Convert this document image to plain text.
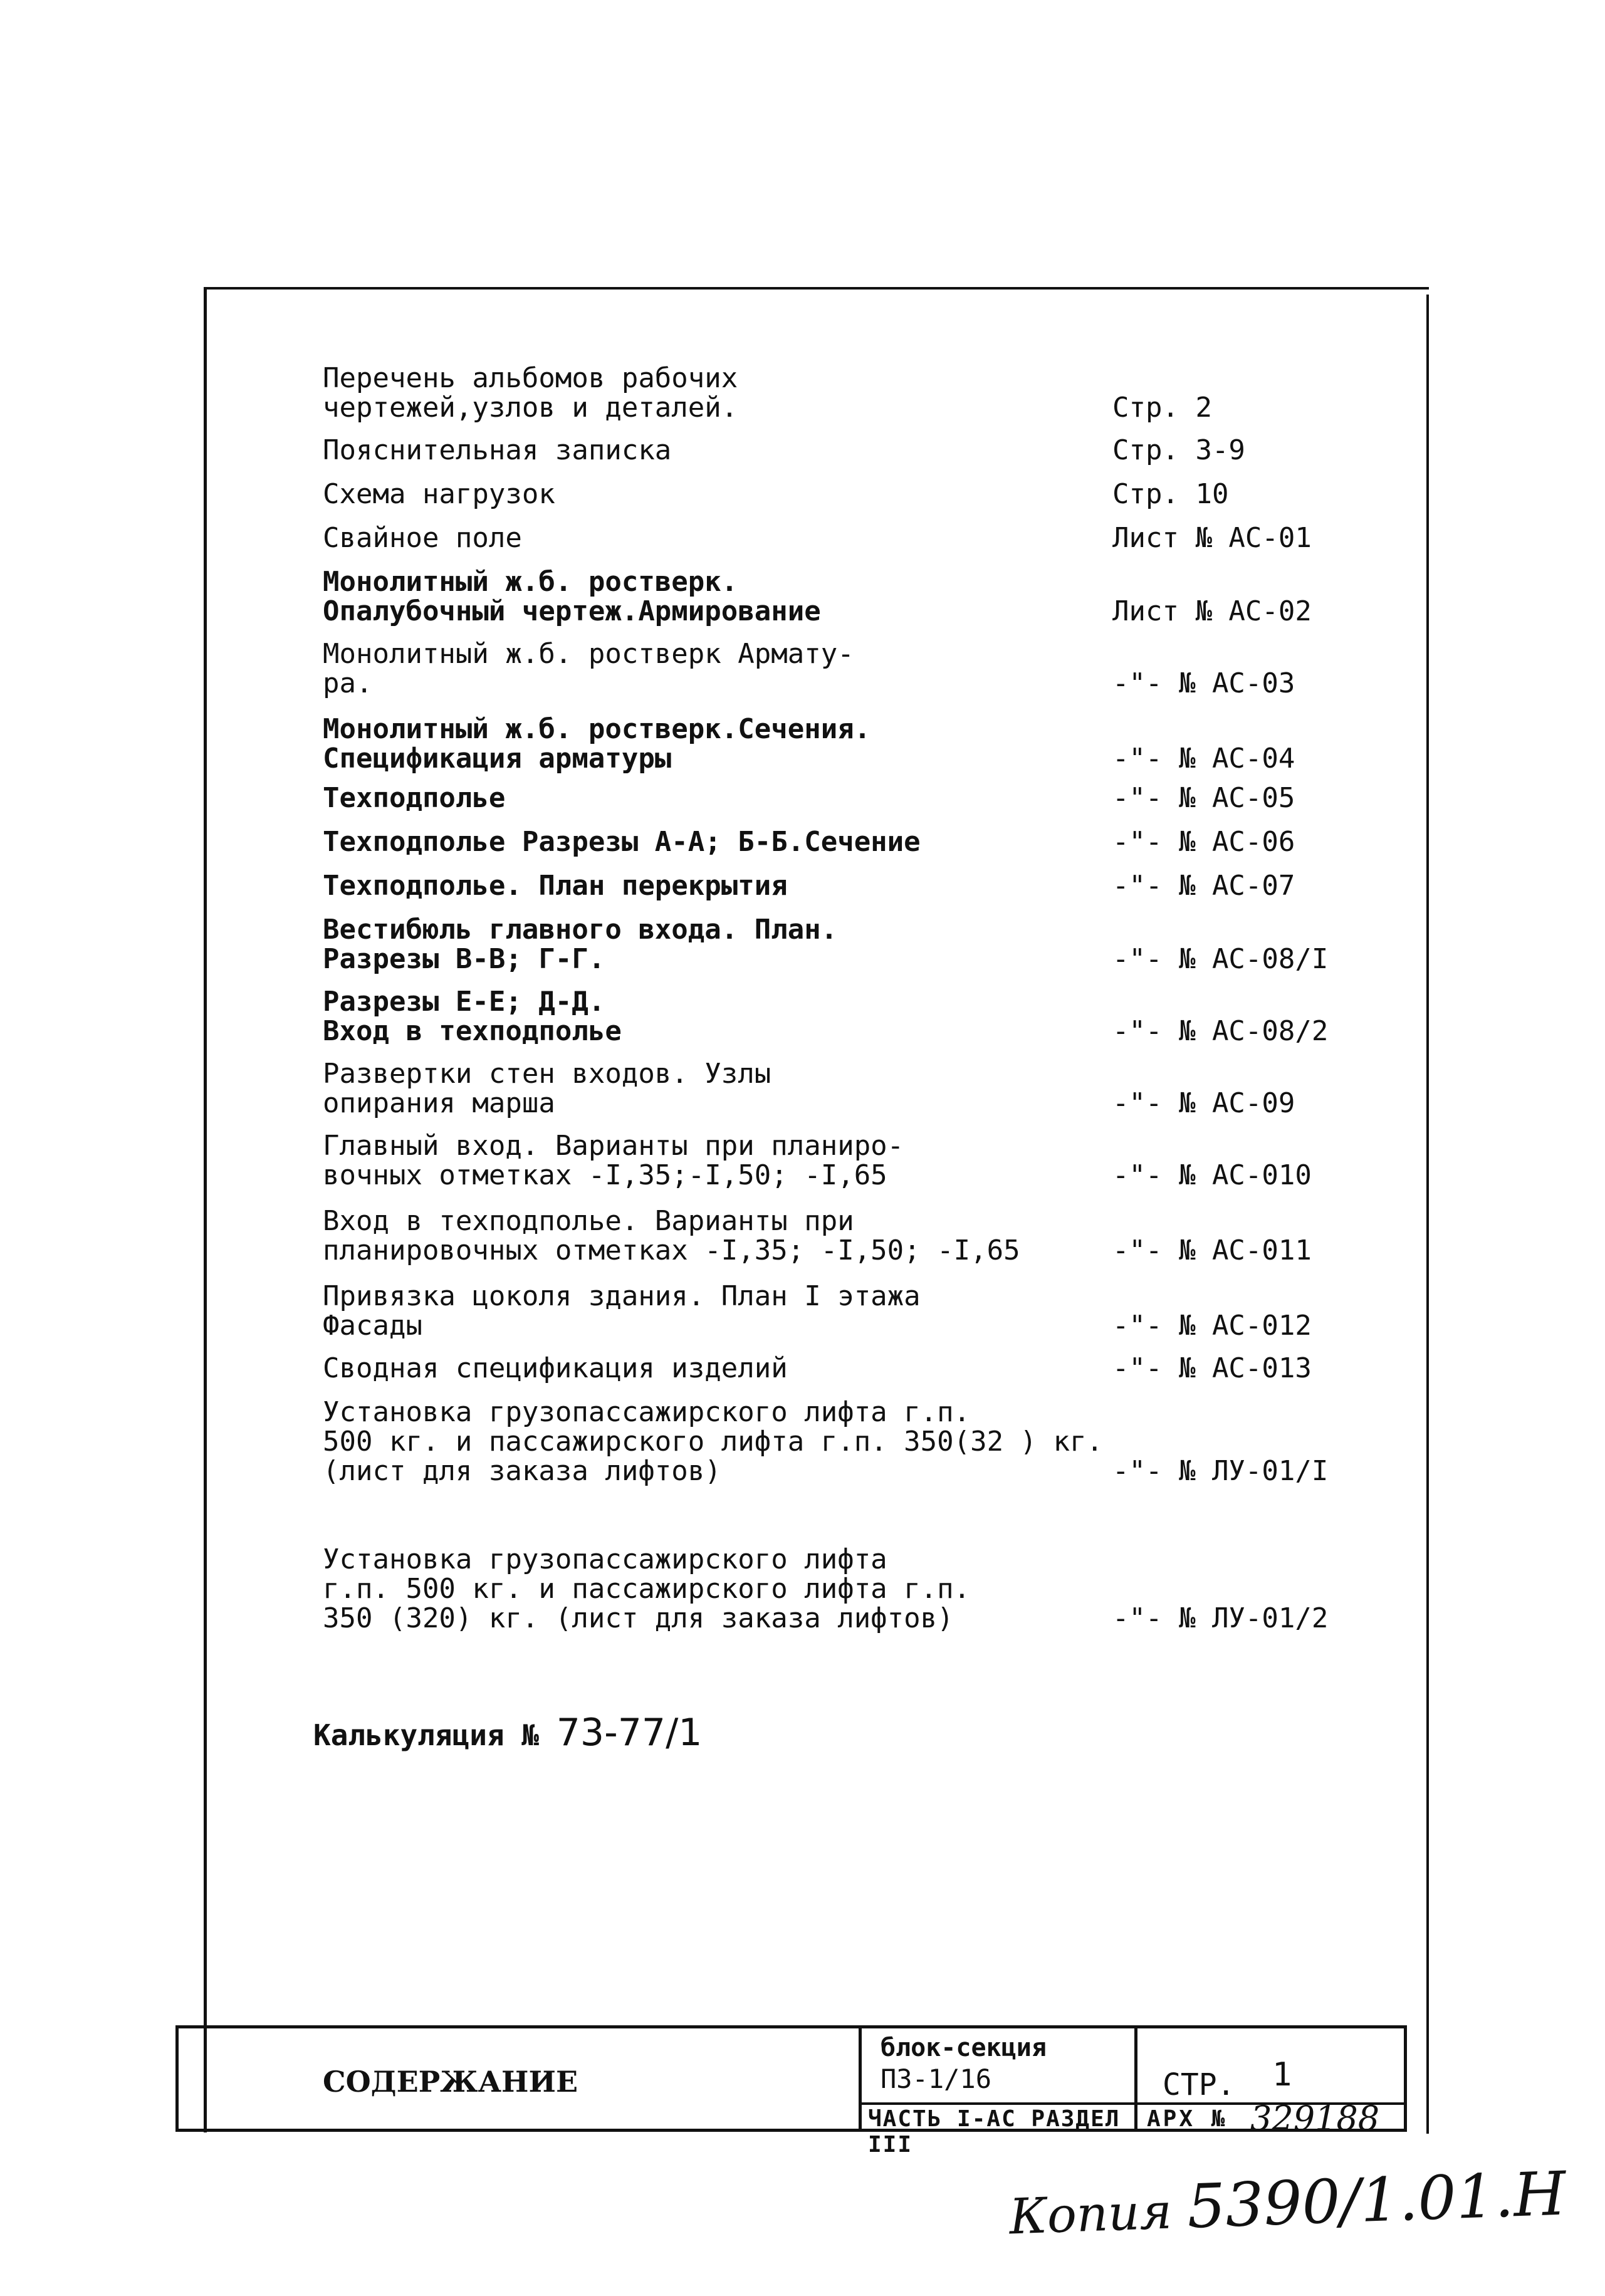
Перечень альбомов рабочих
чертежей,узлов и деталей.	Стр. 2
Пояснительная записка	Стр. 3-9
Схема нагрузок	Стр. 10
Свайное поле	Лист № АС-01
Монолитный ж.б. ростверк.
Опалубочный чертеж.Армирование	Лист № АС-02
Монолитный ж.б. ростверк Армату-
ра.	-"- № АС-03
Монолитный ж.б. ростверк.Сечения.
Спецификация арматуры	-"- № АС-04
Техподполье	-"- № АС-05
Техподполье Разрезы А-А; Б-Б.Сечение	-"- № АС-06
Техподполье. План перекрытия	-"- № АС-07
Вестибюль главного входа. План.
Разрезы В-В; Г-Г.	-"- № АС-08/I
Разрезы Е-Е; Д-Д.
Вход в техподполье	-"- № АС-08/2
Развертки стен входов. Узлы
опирания марша	-"- № АС-09
Главный вход. Варианты при планиро-
вочных отметках -I,35;-I,50; -I,65	-"- № АС-010
Вход в техподполье. Варианты при
планировочных отметках -I,35; -I,50; -I,65	-"- № АС-011
Привязка цоколя здания. План I этажа
Фасады	-"- № АС-012
Сводная спецификация изделий	-"- № АС-013
Установка грузопассажирского лифта г.п.
500 кг. и пассажирского лифта г.п. 350(32 ) кг.
(лист для заказа лифтов)	-"- № ЛУ-01/I
Установка грузопассажирского лифта
г.п. 500 кг. и пассажирского лифта г.п.
350 (320) кг. (лист для заказа лифтов)	-"- № ЛУ-01/2
Калькуляция № 73-77/1
СОДЕРЖАНИЕ
блок-секция
П3-1/16
ЧАСТЬ I-АС РАЗДЕЛ III
СТР. 1
АРХ № 329188
Копия 5390/1.01.Н
